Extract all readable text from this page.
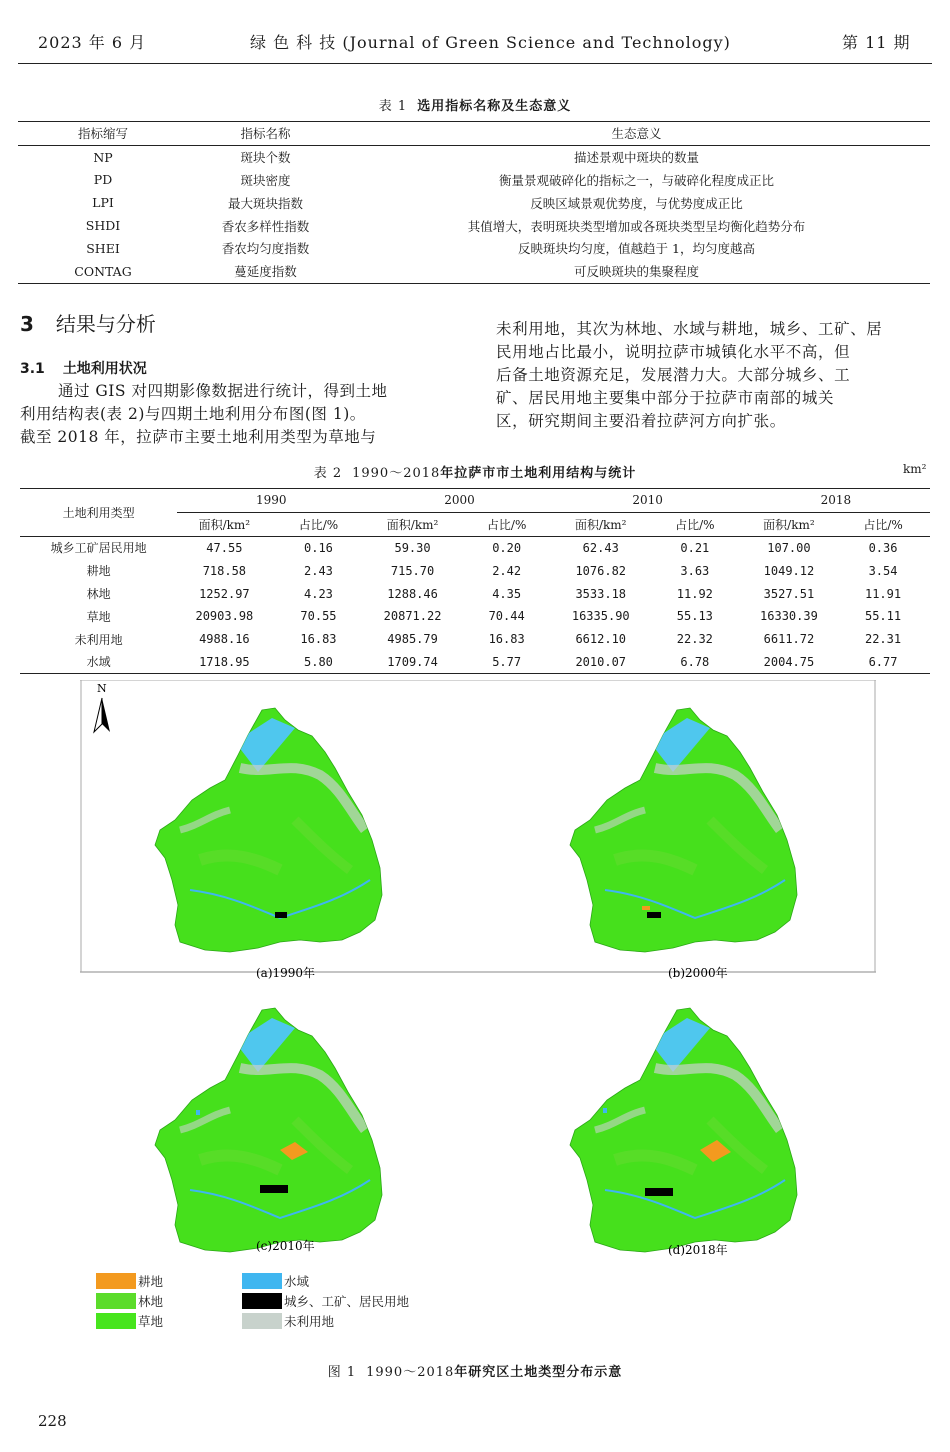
2023 年 6 月	绿 色 科 技 (Journal of Green Science and Technology)	第 11 期
表 1 选用指标名称及生态意义
指标缩写	指标名称	生态意义
NP	斑块个数	描述景观中斑块的数量
PD	斑块密度	衡量景观破碎化的指标之一，与破碎化程度成正比
LPI	最大斑块指数	反映区域景观优势度，与优势度成正比
SHDI	香农多样性指数	其值增大，表明斑块类型增加或各斑块类型呈均衡化趋势分布
SHEI	香农均匀度指数	反映斑块均匀度，值越趋于 1，均匀度越高
CONTAG	蔓延度指数	可反映斑块的集聚程度
3 结果与分析
3.1 土地利用状况
通过 GIS 对四期影像数据进行统计，得到土地
利用结构表(表 2)与四期土地利用分布图(图 1)。
截至 2018 年，拉萨市主要土地利用类型为草地与
未利用地，其次为林地、水域与耕地，城乡、工矿、居
民用地占比最小，说明拉萨市城镇化水平不高，但
后备土地资源充足，发展潜力大。大部分城乡、工
矿、居民用地主要集中部分于拉萨市南部的城关
区，研究期间主要沿着拉萨河方向扩张。
表 2 1990～2018年拉萨市市土地利用结构与统计	km²
土地利用类型	1990		2000		2010		2018	
	面积/km²	占比/%	面积/km²	占比/%	面积/km²	占比/%	面积/km²	占比/%
城乡工矿居民用地	47.55	0.16	59.30	0.20	62.43	0.21	107.00	0.36
耕地	718.58	2.43	715.70	2.42	1076.82	3.63	1049.12	3.54
林地	1252.97	4.23	1288.46	4.35	3533.18	11.92	3527.51	11.91
草地	20903.98	70.55	20871.22	70.44	16335.90	55.13	16330.39	55.11
未利用地	4988.16	16.83	4985.79	16.83	6612.10	22.32	6611.72	22.31
水域	1718.95	5.80	1709.74	5.77	2010.07	6.78	2004.75	6.77
N
(a)1990年	(b)2000年
(c)2010年	(d)2018年
耕地
林地
草地
水域
城乡、工矿、居民用地
未利用地
图 1 1990～2018年研究区土地类型分布示意
228
